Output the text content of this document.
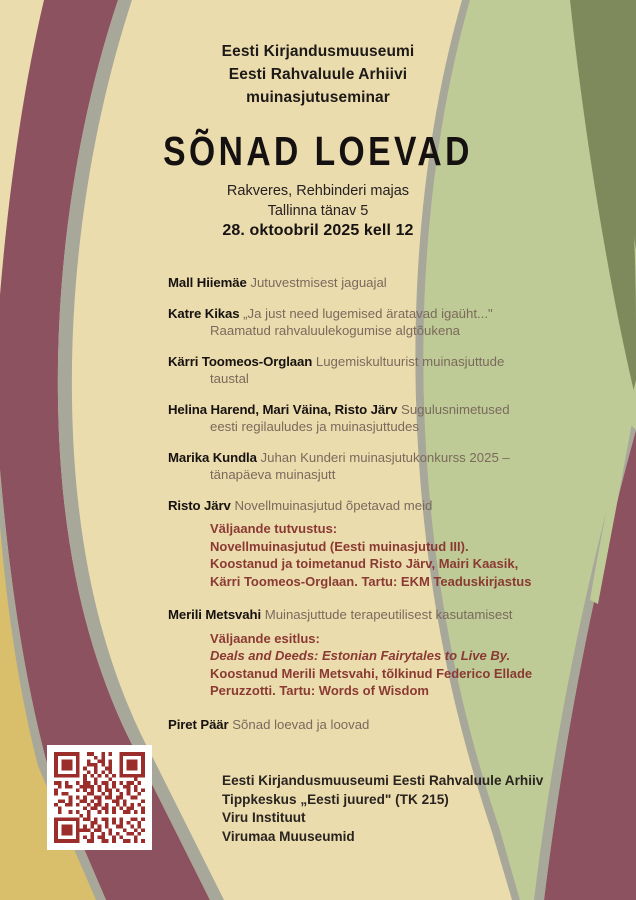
Eesti Kirjandusmuuseumi
Eesti Rahvaluule Arhiivi
muinasjutuseminar
SÕNAD LOEVAD
Rakveres, Rehbinderi majas
Tallinna tänav 5
28. oktoobril 2025 kell 12
Mall Hiiemäe Jutuvestmisest jaguajal
Katre Kikas „Ja just need lugemised äratavad igaüht..."
Raamatud rahvaluulekogumise algtõukena
Kärri Toomeos-Orglaan Lugemiskultuurist muinasjuttude
taustal
Helina Harend, Mari Väina, Risto Järv Sugulusnimetused
eesti regilauludes ja muinasjuttudes
Marika Kundla Juhan Kunderi muinasjutukonkurss 2025 –
tänapäeva muinasjutt
Risto Järv Novellmuinasjutud õpetavad meid
Väljaande tutvustus:
Novellmuinasjutud (Eesti muinasjutud III).
Koostanud ja toimetanud Risto Järv, Mairi Kaasik,
Kärri Toomeos-Orglaan. Tartu: EKM Teaduskirjastus
Merili Metsvahi Muinasjuttude terapeutilisest kasutamisest
Väljaande esitlus:
Deals and Deeds: Estonian Fairytales to Live By.
Koostanud Merili Metsvahi, tõlkinud Federico Ellade
Peruzzotti. Tartu: Words of Wisdom
Piret Päär Sõnad loevad ja loovad
Eesti Kirjandusmuuseumi Eesti Rahvaluule Arhiiv
Tippkeskus „Eesti juured" (TK 215)
Viru Instituut
Virumaa Muuseumid
